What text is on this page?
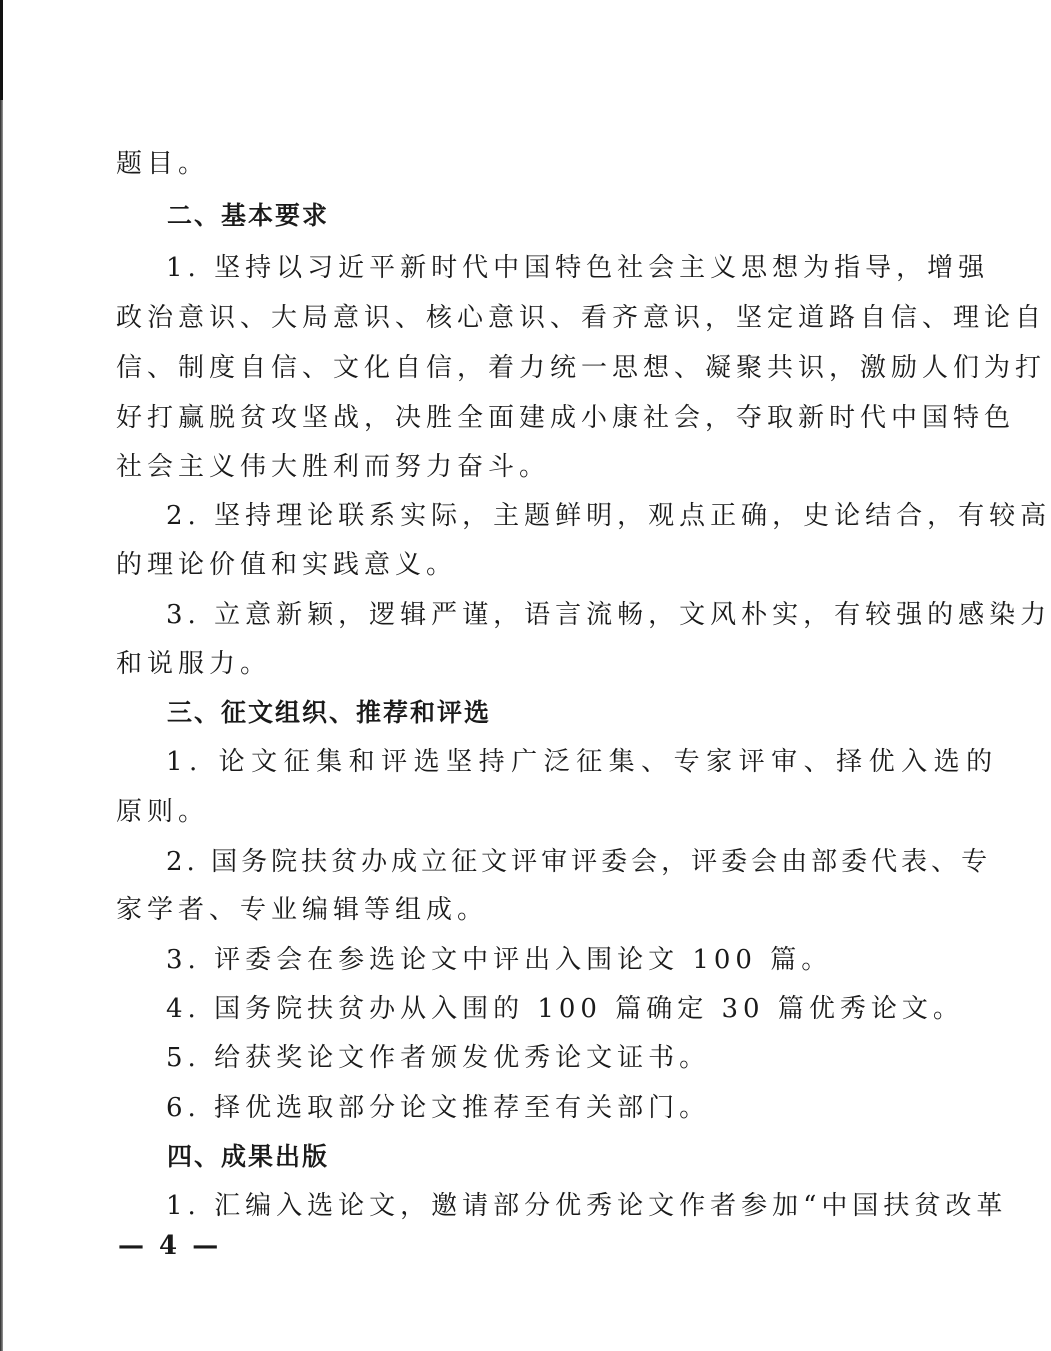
题目。
二、基本要求
1. 坚持以习近平新时代中国特色社会主义思想为指导，增强
政治意识、大局意识、核心意识、看齐意识，坚定道路自信、理论自
信、制度自信、文化自信，着力统一思想、凝聚共识，激励人们为打
好打赢脱贫攻坚战，决胜全面建成小康社会，夺取新时代中国特色
社会主义伟大胜利而努力奋斗。
2. 坚持理论联系实际，主题鲜明，观点正确，史论结合，有较高
的理论价值和实践意义。
3. 立意新颖，逻辑严谨，语言流畅，文风朴实，有较强的感染力
和说服力。
三、征文组织、推荐和评选
1. 论文征集和评选坚持广泛征集、专家评审、择优入选的
原则。
2. 国务院扶贫办成立征文评审评委会，评委会由部委代表、专
家学者、专业编辑等组成。
3. 评委会在参选论文中评出入围论文 100 篇。
4. 国务院扶贫办从入围的 100 篇确定 30 篇优秀论文。
5. 给获奖论文作者颁发优秀论文证书。
6. 择优选取部分论文推荐至有关部门。
四、成果出版
1. 汇编入选论文，邀请部分优秀论文作者参加“中国扶贫改革
— 4 —
